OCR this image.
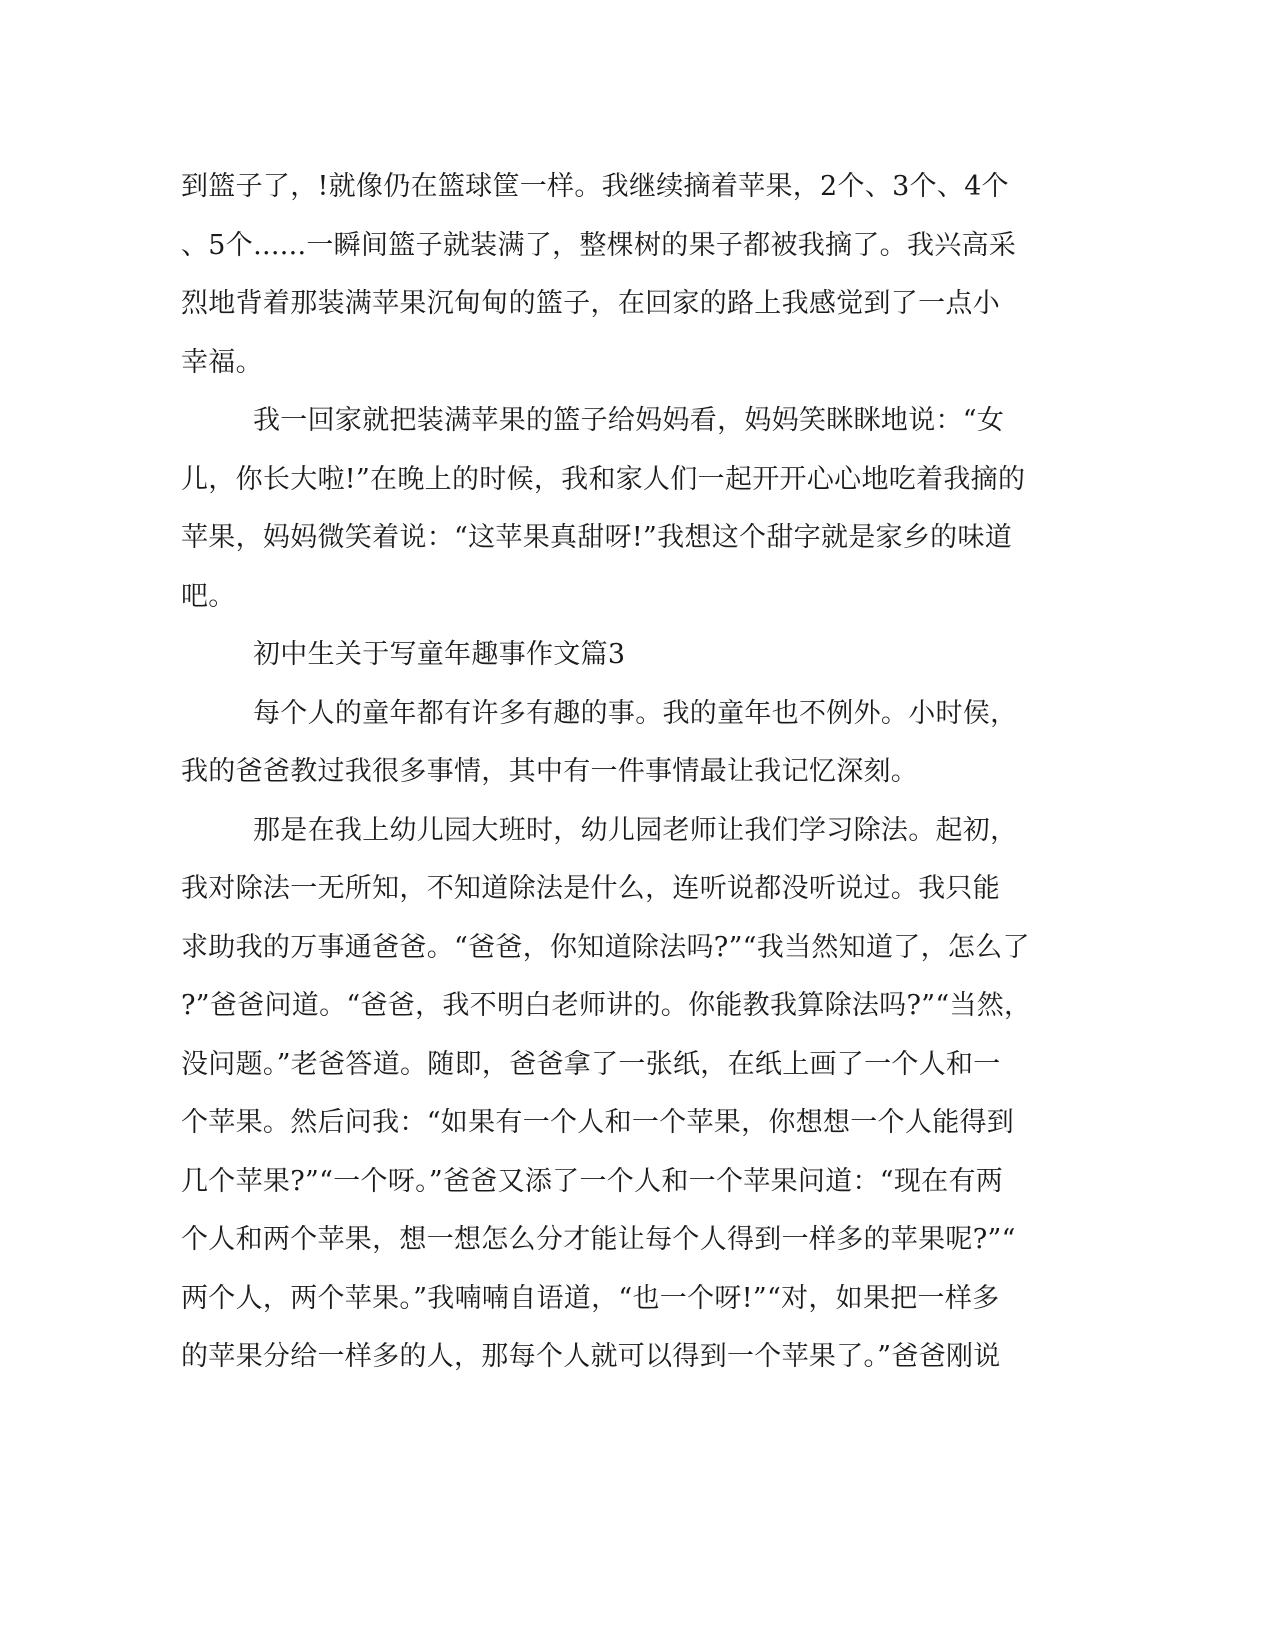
到篮子了，!就像仍在篮球筐一样。我继续摘着苹果，2个、3个、4个
、5个......一瞬间篮子就装满了，整棵树的果子都被我摘了。我兴高采
烈地背着那装满苹果沉甸甸的篮子，在回家的路上我感觉到了一点小
幸福。
我一回家就把装满苹果的篮子给妈妈看，妈妈笑眯眯地说：“女
儿，你长大啦!”在晚上的时候，我和家人们一起开开心心地吃着我摘的
苹果，妈妈微笑着说：“这苹果真甜呀!”我想这个甜字就是家乡的味道
吧。
初中生关于写童年趣事作文篇3
每个人的童年都有许多有趣的事。我的童年也不例外。小时侯，
我的爸爸教过我很多事情，其中有一件事情最让我记忆深刻。
那是在我上幼儿园大班时，幼儿园老师让我们学习除法。起初，
我对除法一无所知，不知道除法是什么，连听说都没听说过。我只能
求助我的万事通爸爸。“爸爸，你知道除法吗?”“我当然知道了，怎么了
?”爸爸问道。“爸爸，我不明白老师讲的。你能教我算除法吗?”“当然，
没问题。”老爸答道。随即，爸爸拿了一张纸，在纸上画了一个人和一
个苹果。然后问我：“如果有一个人和一个苹果，你想想一个人能得到
几个苹果?”“一个呀。”爸爸又添了一个人和一个苹果问道：“现在有两
个人和两个苹果，想一想怎么分才能让每个人得到一样多的苹果呢?”“
两个人，两个苹果。”我喃喃自语道，“也一个呀!”“对，如果把一样多
的苹果分给一样多的人，那每个人就可以得到一个苹果了。”爸爸刚说
